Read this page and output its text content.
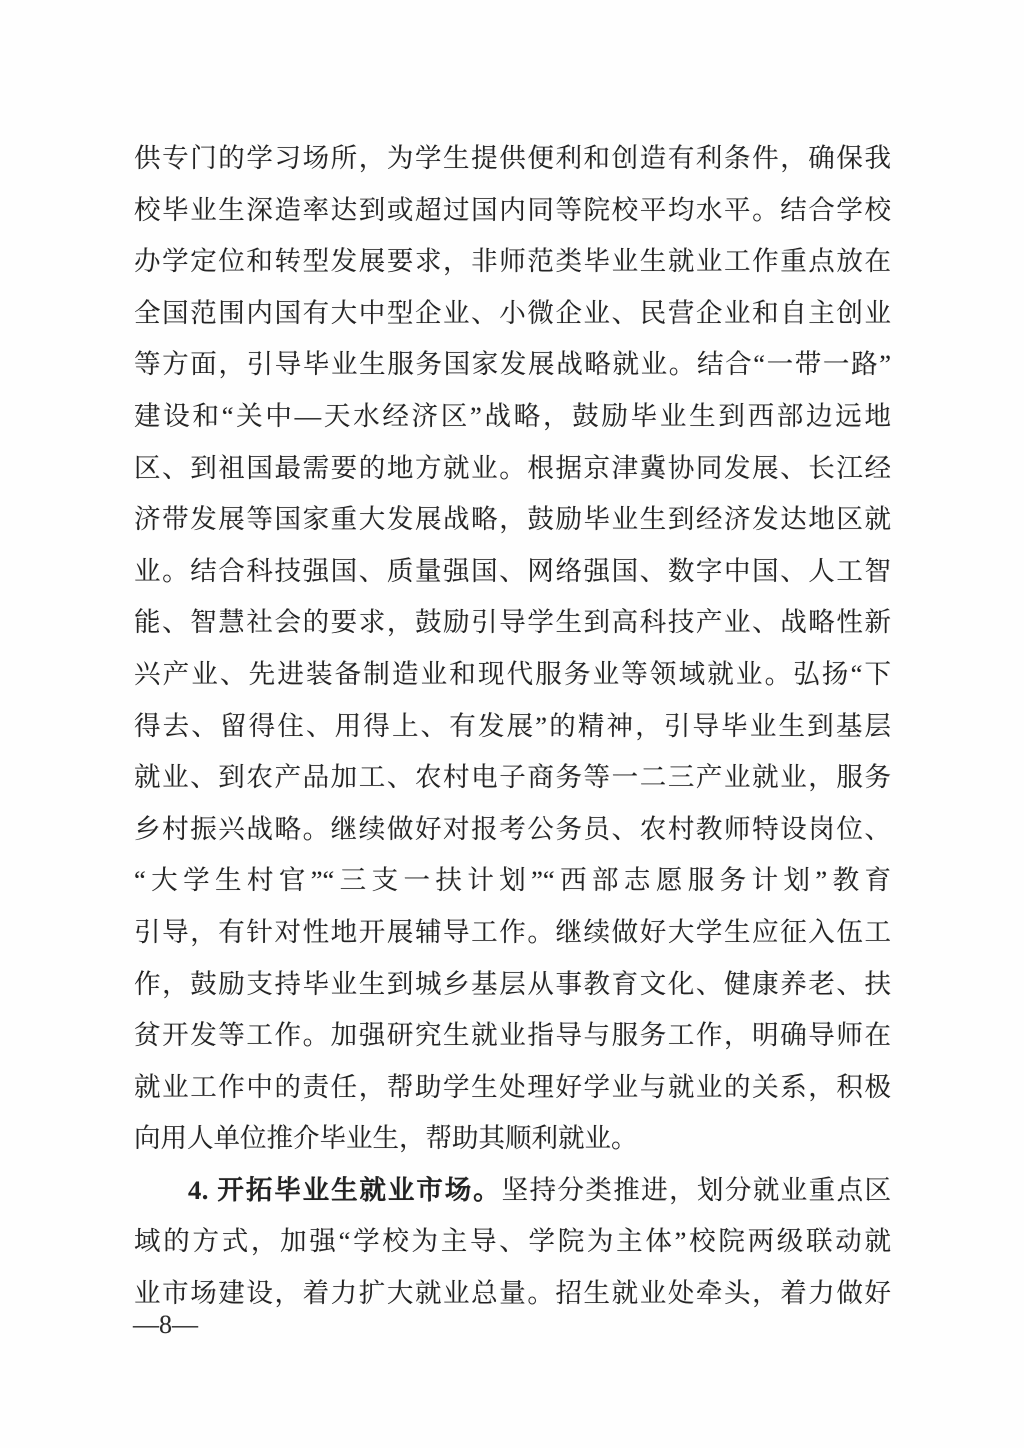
供专门的学习场所，为学生提供便利和创造有利条件，确保我
校毕业生深造率达到或超过国内同等院校平均水平。结合学校
办学定位和转型发展要求，非师范类毕业生就业工作重点放在
全国范围内国有大中型企业、小微企业、民营企业和自主创业
等方面，引导毕业生服务国家发展战略就业。结合“一带一路”
建设和“关中—天水经济区”战略，鼓励毕业生到西部边远地
区、到祖国最需要的地方就业。根据京津冀协同发展、长江经
济带发展等国家重大发展战略，鼓励毕业生到经济发达地区就
业。结合科技强国、质量强国、网络强国、数字中国、人工智
能、智慧社会的要求，鼓励引导学生到高科技产业、战略性新
兴产业、先进装备制造业和现代服务业等领域就业。弘扬“下
得去、留得住、用得上、有发展”的精神，引导毕业生到基层
就业、到农产品加工、农村电子商务等一二三产业就业，服务
乡村振兴战略。继续做好对报考公务员、农村教师特设岗位、
“大学生村官”“三支一扶计划”“西部志愿服务计划”教育
引导，有针对性地开展辅导工作。继续做好大学生应征入伍工
作，鼓励支持毕业生到城乡基层从事教育文化、健康养老、扶
贫开发等工作。加强研究生就业指导与服务工作，明确导师在
就业工作中的责任，帮助学生处理好学业与就业的关系，积极
向用人单位推介毕业生，帮助其顺利就业。
4. 开拓毕业生就业市场。坚持分类推进，划分就业重点区
域的方式，加强“学校为主导、学院为主体”校院两级联动就
业市场建设，着力扩大就业总量。招生就业处牵头，着力做好
—8—
